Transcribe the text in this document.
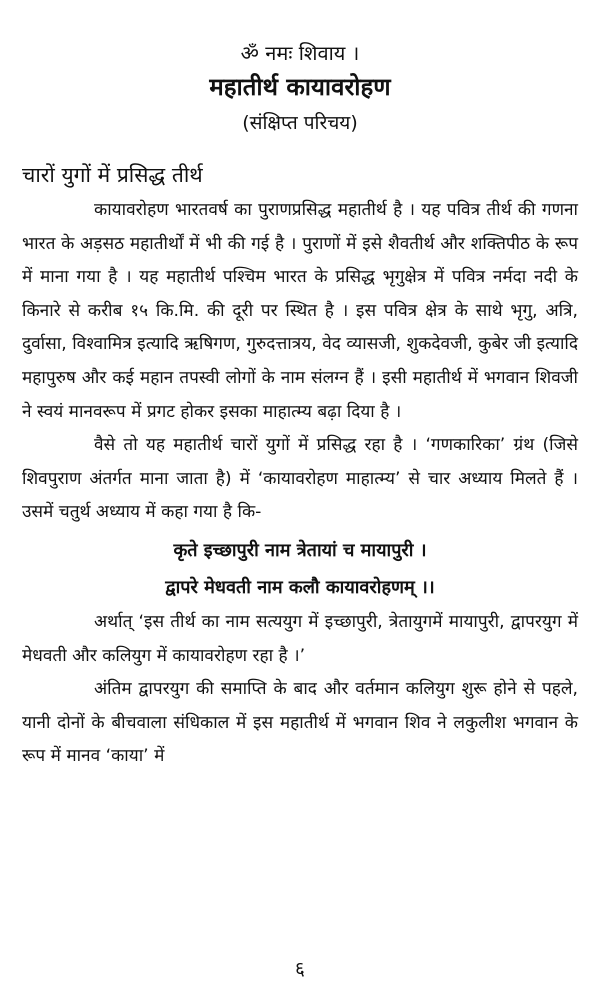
ॐ नमः शिवाय ।
महातीर्थ कायावरोहण
(संक्षिप्त परिचय)
चारों युगों में प्रसिद्ध तीर्थ

कायावरोहण भारतवर्ष का पुराणप्रसिद्ध महातीर्थ है । यह पवित्र तीर्थ की गणना भारत के अड़सठ महातीर्थों में भी की गई है । पुराणों में इसे शैवतीर्थ और शक्तिपीठ के रूप में माना गया है । यह महातीर्थ पश्चिम भारत के प्रसिद्ध भृगुक्षेत्र में पवित्र नर्मदा नदी के किनारे से करीब १५ कि.मि. की दूरी पर स्थित है । इस पवित्र क्षेत्र के साथे भृगु, अत्रि, दुर्वासा, विश्वामित्र इत्यादि ऋषिगण, गुरुदत्तात्रय, वेद व्यासजी, शुकदेवजी, कुबेर जी इत्यादि महापुरुष और कई महान तपस्वी लोगों के नाम संलग्न हैं । इसी महातीर्थ में भगवान शिवजी ने स्वयं मानवरूप में प्रगट होकर इसका माहात्म्य बढ़ा दिया है ।

वैसे तो यह महातीर्थ चारों युगों में प्रसिद्ध रहा है । ‘गणकारिका’ ग्रंथ (जिसे शिवपुराण अंतर्गत माना जाता है) में ‘कायावरोहण माहात्म्य’ से चार अध्याय मिलते हैं । उसमें चतुर्थ अध्याय में कहा गया है कि-

कृते इच्छापुरी नाम त्रेतायां च मायापुरी ।
द्वापरे मेधवती नाम कलौ कायावरोहणम् ।।

अर्थात् ‘इस तीर्थ का नाम सत्ययुग में इच्छापुरी, त्रेतायुगमें मायापुरी, द्वापरयुग में मेधवती और कलियुग में कायावरोहण रहा है ।’

अंतिम द्वापरयुग की समाप्ति के बाद और वर्तमान कलियुग शुरू होने से पहले, यानी दोनों के बीचवाला संधिकाल में इस महातीर्थ में भगवान शिव ने लकुलीश भगवान के रूप में मानव ‘काया’ में

६
